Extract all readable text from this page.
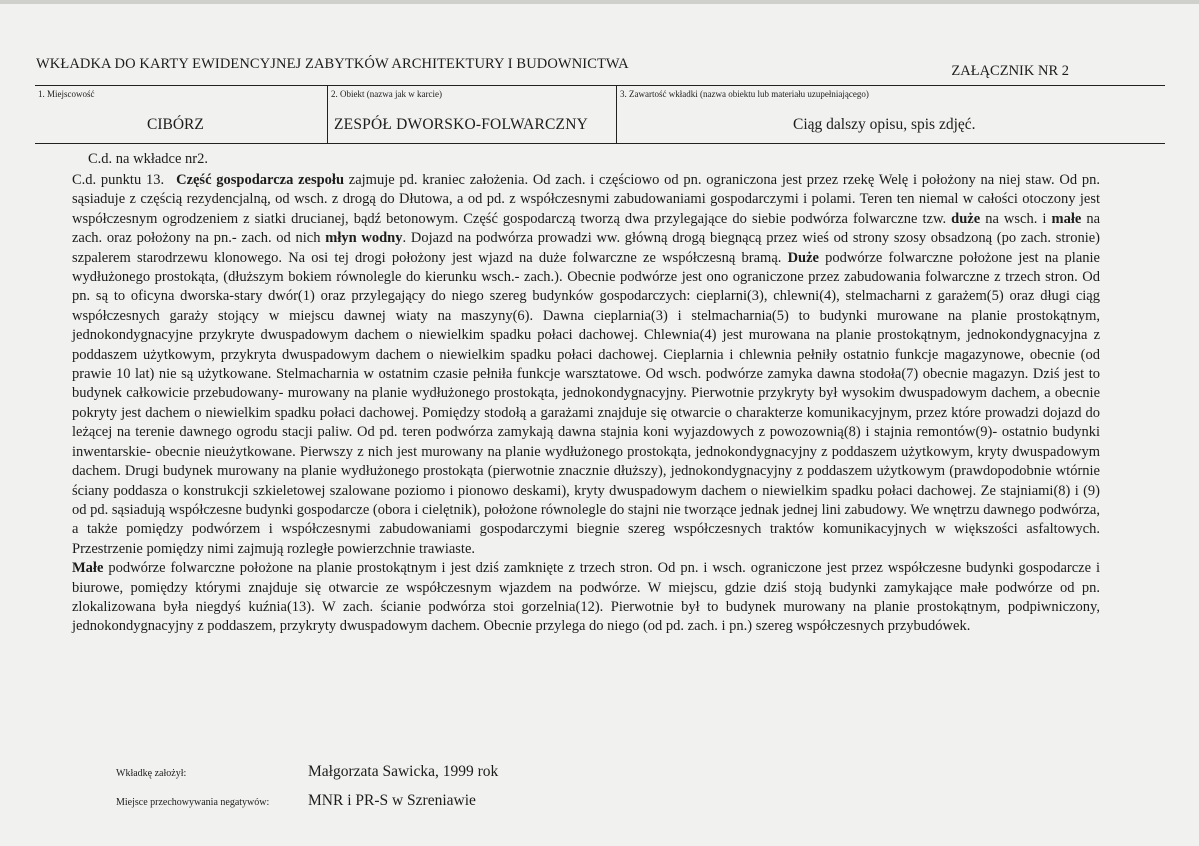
WKŁADKA DO KARTY EWIDENCYJNEJ ZABYTKÓW ARCHITEKTURY I BUDOWNICTWA	ZAŁĄCZNIK NR 2
1. Miejscowość
CIBÓRZ
2. Obiekt (nazwa jak w karcie)
ZESPÓŁ DWORSKO-FOLWARCZNY
3. Zawartość wkładki (nazwa obiektu lub materiału uzupełniającego)
Ciąg dalszy opisu, spis zdjęć.
C.d. na wkładce nr2.

C.d. punktu 13. Część gospodarcza zespołu zajmuje pd. kraniec założenia. Od zach. i częściowo od pn. ograniczona jest przez rzekę Welę i położony na niej staw. Od pn. sąsiaduje z częścią rezydencjalną, od wsch. z drogą do Dłutowa, a od pd. z współczesnymi zabudowaniami gospodarczymi i polami. Teren ten niemal w całości otoczony jest współczesnym ogrodzeniem z siatki drucianej, bądź betonowym. Część gospodarczą tworzą dwa przylegające do siebie podwórza folwarczne tzw. duże na wsch. i małe na zach. oraz położony na pn.- zach. od nich młyn wodny. Dojazd na podwórza prowadzi ww. główną drogą biegnącą przez wieś od strony szosy obsadzoną (po zach. stronie) szpalerem starodrzewu klonowego. Na osi tej drogi położony jest wjazd na duże folwarczne ze współczesną bramą. Duże podwórze folwarczne położone jest na planie wydłużonego prostokąta, (dłuższym bokiem równolegle do kierunku wsch.- zach.). Obecnie podwórze jest ono ograniczone przez zabudowania folwarczne z trzech stron. Od pn. są to oficyna dworska-stary dwór(1) oraz przylegający do niego szereg budynków gospodarczych: cieplarni(3), chlewni(4), stelmacharni z garażem(5) oraz długi ciąg współczesnych garaży stojący w miejscu dawnej wiaty na maszyny(6). Dawna cieplarnia(3) i stelmacharnia(5) to budynki murowane na planie prostokątnym, jednokondygnacyjne przykryte dwuspadowym dachem o niewielkim spadku połaci dachowej. Chlewnia(4) jest murowana na planie prostokątnym, jednokondygnacyjna z poddaszem użytkowym, przykryta dwuspadowym dachem o niewielkim spadku połaci dachowej. Cieplarnia i chlewnia pełniły ostatnio funkcje magazynowe, obecnie (od prawie 10 lat) nie są użytkowane. Stelmacharnia w ostatnim czasie pełniła funkcje warsztatowe. Od wsch. podwórze zamyka dawna stodoła(7) obecnie magazyn. Dziś jest to budynek całkowicie przebudowany- murowany na planie wydłużonego prostokąta, jednokondygnacyjny. Pierwotnie przykryty był wysokim dwuspadowym dachem, a obecnie pokryty jest dachem o niewielkim spadku połaci dachowej. Pomiędzy stodołą a garażami znajduje się otwarcie o charakterze komunikacyjnym, przez które prowadzi dojazd do leżącej na terenie dawnego ogrodu stacji paliw. Od pd. teren podwórza zamykają dawna stajnia koni wyjazdowych z powozownią(8) i stajnia remontów(9)- ostatnio budynki inwentarskie- obecnie nieużytkowane. Pierwszy z nich jest murowany na planie wydłużonego prostokąta, jednokondygnacyjny z poddaszem użytkowym, kryty dwuspadowym dachem. Drugi budynek murowany na planie wydłużonego prostokąta (pierwotnie znacznie dłuższy), jednokondygnacyjny z poddaszem użytkowym (prawdopodobnie wtórnie ściany poddasza o konstrukcji szkieletowej szalowane poziomo i pionowo deskami), kryty dwuspadowym dachem o niewielkim spadku połaci dachowej. Ze stajniami(8) i (9) od pd. sąsiadują współczesne budynki gospodarcze (obora i cielętnik), położone równolegle do stajni nie tworzące jednak jednej lini zabudowy. We wnętrzu dawnego podwórza, a także pomiędzy podwórzem i współczesnymi zabudowaniami gospodarczymi biegnie szereg współczesnych traktów komunikacyjnych w większości asfaltowych. Przestrzenie pomiędzy nimi zajmują rozległe powierzchnie trawiaste.

Małe podwórze folwarczne położone na planie prostokątnym i jest dziś zamknięte z trzech stron. Od pn. i wsch. ograniczone jest przez współczesne budynki gospodarcze i biurowe, pomiędzy którymi znajduje się otwarcie ze współczesnym wjazdem na podwórze. W miejscu, gdzie dziś stoją budynki zamykające małe podwórze od pn. zlokalizowana była niegdyś kuźnia(13). W zach. ścianie podwórza stoi gorzelnia(12). Pierwotnie był to budynek murowany na planie prostokątnym, podpiwniczony, jednokondygnacyjny z poddaszem, przykryty dwuspadowym dachem. Obecnie przylega do niego (od pd. zach. i pn.) szereg współczesnych przybudówek.

Wkładkę założył:	Małgorzata Sawicka, 1999 rok
Miejsce przechowywania negatywów:	MNR i PR-S w Szreniawie
